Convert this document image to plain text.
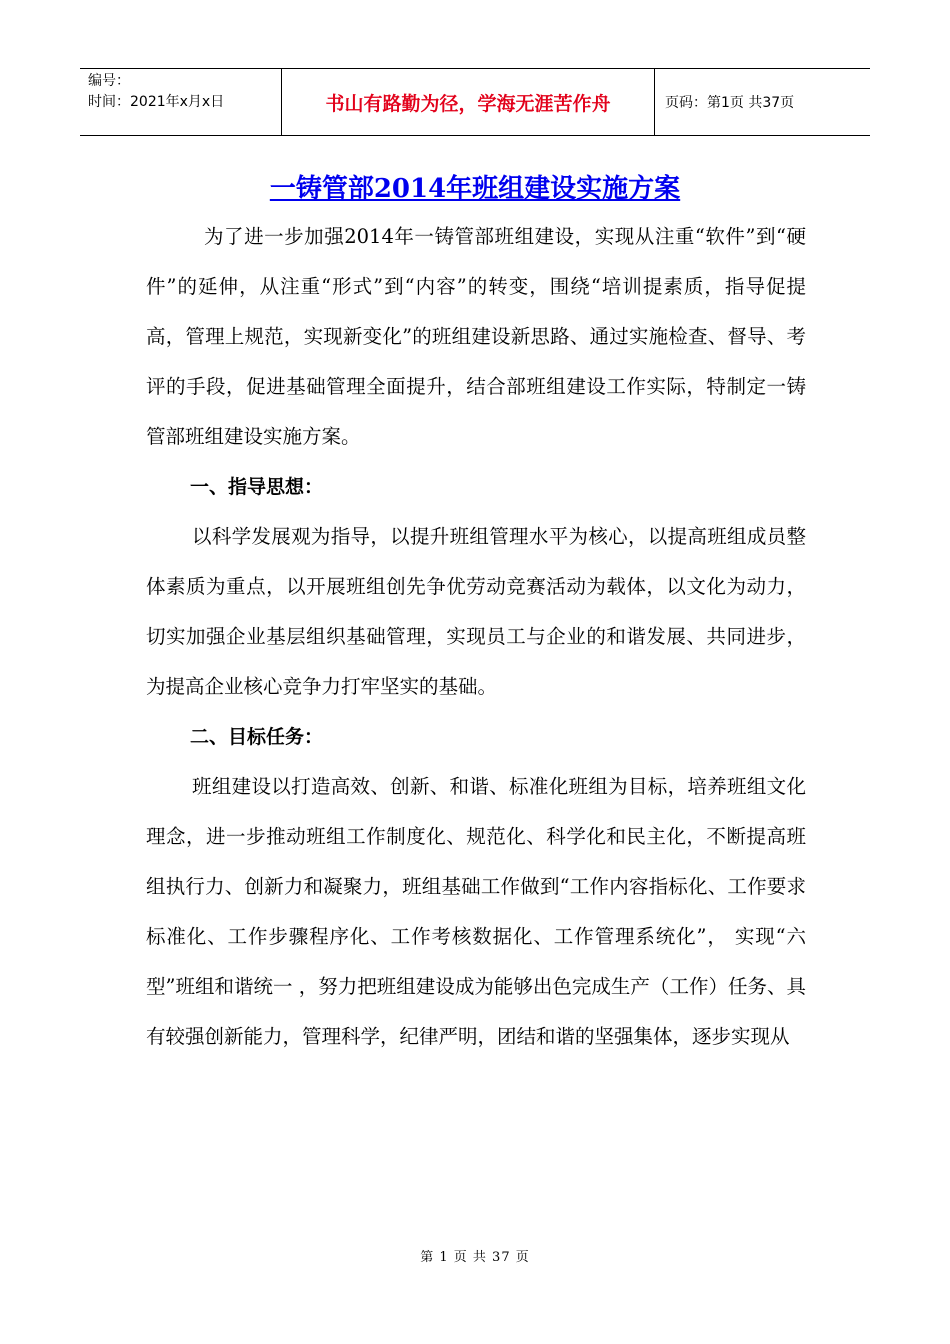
编号：
时间：2021年x月x日	书山有路勤为径，学海无涯苦作舟	页码：第1页 共37页
一铸管部2014年班组建设实施方案

为了进一步加强2014年一铸管部班组建设，实现从注重“软件”到“硬件”的延伸，从注重“形式”到“内容”的转变，围绕“培训提素质，指导促提高，管理上规范，实现新变化”的班组建设新思路、通过实施检查、督导、考评的手段，促进基础管理全面提升，结合部班组建设工作实际，特制定一铸管部班组建设实施方案。

一、指导思想：

以科学发展观为指导，以提升班组管理水平为核心，以提高班组成员整体素质为重点，以开展班组创先争优劳动竞赛活动为载体，以文化为动力，切实加强企业基层组织基础管理，实现员工与企业的和谐发展、共同进步，为提高企业核心竞争力打牢坚实的基础。

二、目标任务：

班组建设以打造高效、创新、和谐、标准化班组为目标，培养班组文化理念，进一步推动班组工作制度化、规范化、科学化和民主化，不断提高班组执行力、创新力和凝聚力，班组基础工作做到“工作内容指标化、工作要求标准化、工作步骤程序化、工作考核数据化、工作管理系统化”， 实现“六型”班组和谐统一 ，努力把班组建设成为能够出色完成生产（工作）任务、具有较强创新能力，管理科学，纪律严明，团结和谐的坚强集体，逐步实现从

第 1 页 共 37 页
